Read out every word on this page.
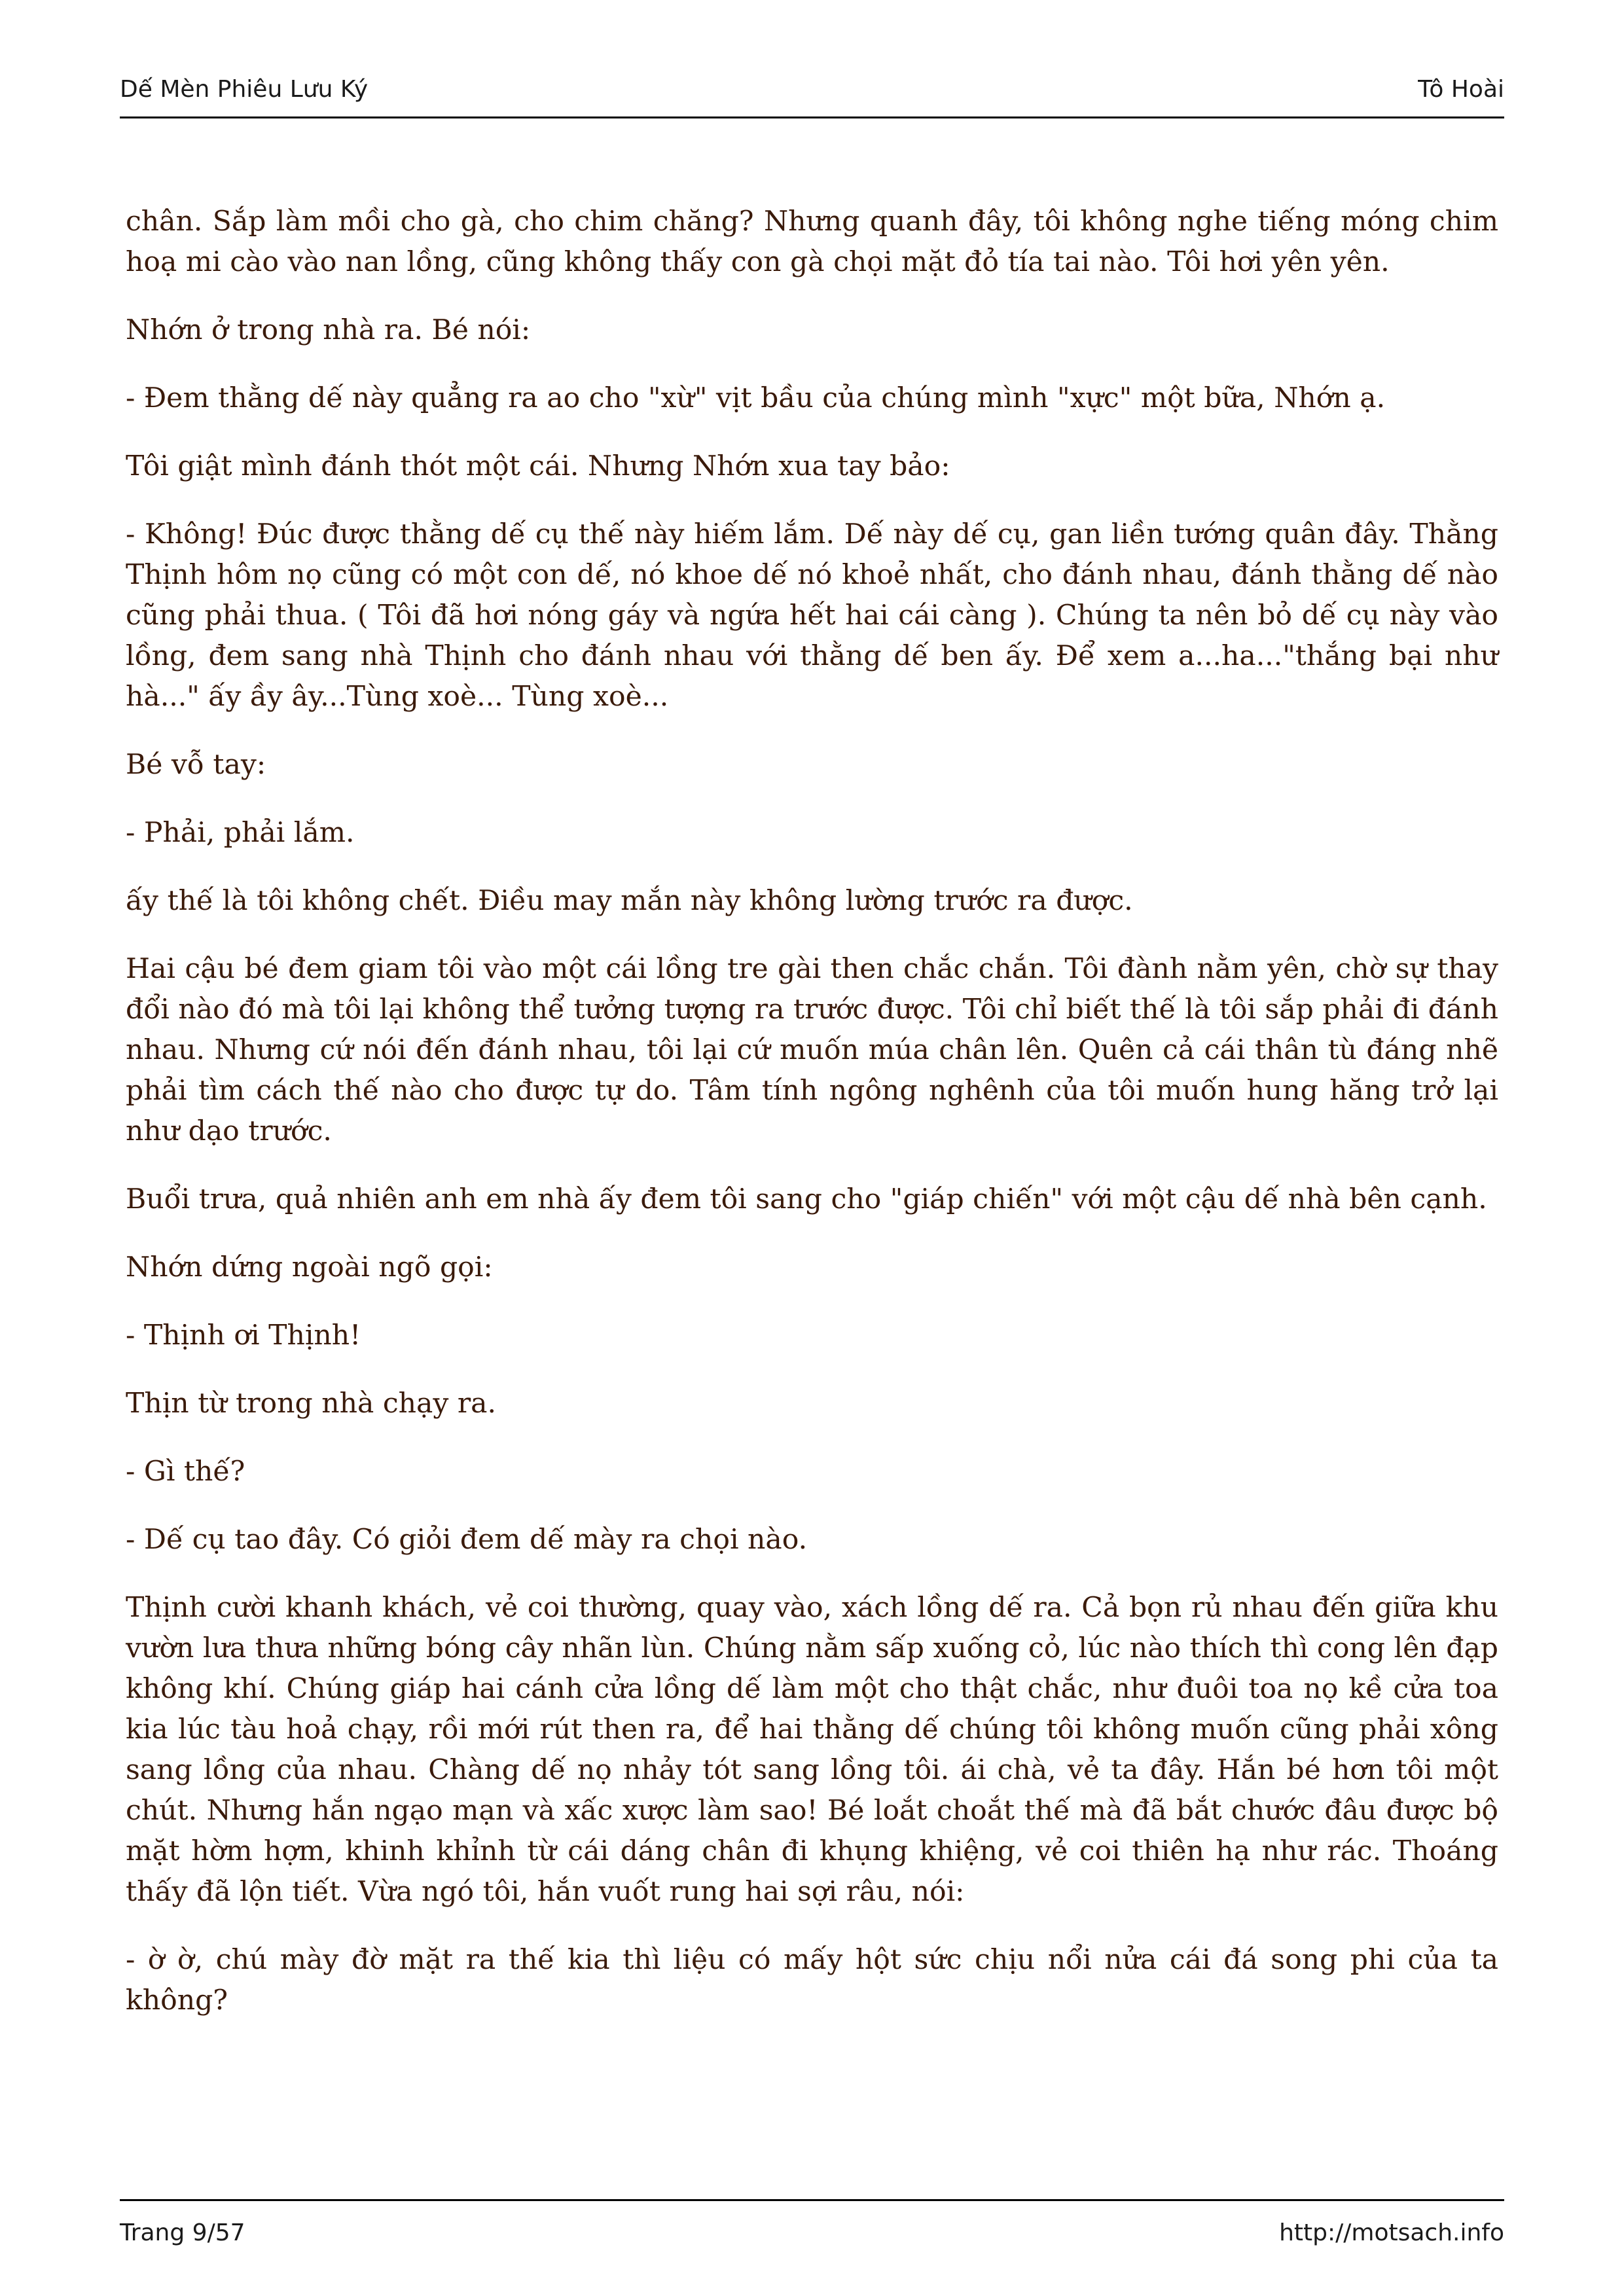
Dế Mèn Phiêu Lưu Ký	Tô Hoài

chân. Sắp làm mồi cho gà, cho chim chăng? Nhưng quanh đây, tôi không nghe tiếng móng chim hoạ mi cào vào nan lồng, cũng không thấy con gà chọi mặt đỏ tía tai nào. Tôi hơi yên yên.

Nhớn ở trong nhà ra. Bé nói:

- Đem thằng dế này quẳng ra ao cho "xừ" vịt bầu của chúng mình "xực" một bữa, Nhớn ạ.

Tôi giật mình đánh thót một cái. Nhưng Nhớn xua tay bảo:

- Không! Đúc được thằng dế cụ thế này hiếm lắm. Dế này dế cụ, gan liền tướng quân đây. Thằng Thịnh hôm nọ cũng có một con dế, nó khoe dế nó khoẻ nhất, cho đánh nhau, đánh thằng dế nào cũng phải thua. ( Tôi đã hơi nóng gáy và ngứa hết hai cái càng ). Chúng ta nên bỏ dế cụ này vào lồng, đem sang nhà Thịnh cho đánh nhau với thằng dế ben ấy. Để xem a...ha..."thắng bại như hà..." ấy ầy ây...Tùng xoè... Tùng xoè...

Bé vỗ tay:

- Phải, phải lắm.

ấy thế là tôi không chết. Điều may mắn này không lường trước ra được.

Hai cậu bé đem giam tôi vào một cái lồng tre gài then chắc chắn. Tôi đành nằm yên, chờ sự thay đổi nào đó mà tôi lại không thể tưởng tượng ra trước được. Tôi chỉ biết thế là tôi sắp phải đi đánh nhau. Nhưng cứ nói đến đánh nhau, tôi lại cứ muốn múa chân lên. Quên cả cái thân tù đáng nhẽ phải tìm cách thế nào cho được tự do. Tâm tính ngông nghênh của tôi muốn hung hăng trở lại như dạo trước.

Buổi trưa, quả nhiên anh em nhà ấy đem tôi sang cho "giáp chiến" với một cậu dế nhà bên cạnh.

Nhớn dứng ngoài ngõ gọi:

- Thịnh ơi Thịnh!

Thịn từ trong nhà chạy ra.

- Gì thế?

- Dế cụ tao đây. Có giỏi đem dế mày ra chọi nào.

Thịnh cười khanh khách, vẻ coi thường, quay vào, xách lồng dế ra. Cả bọn rủ nhau đến giữa khu vườn lưa thưa những bóng cây nhãn lùn. Chúng nằm sấp xuống cỏ, lúc nào thích thì cong lên đạp không khí. Chúng giáp hai cánh cửa lồng dế làm một cho thật chắc, như đuôi toa nọ kề cửa toa kia lúc tàu hoả chạy, rồi mới rút then ra, để hai thằng dế chúng tôi không muốn cũng phải xông sang lồng của nhau. Chàng dế nọ nhảy tót sang lồng tôi. ái chà, vẻ ta đây. Hắn bé hơn tôi một chút. Nhưng hắn ngạo mạn và xấc xược làm sao! Bé loắt choắt thế mà đã bắt chước đâu được bộ mặt hờm hợm, khinh khỉnh từ cái dáng chân đi khụng khiệng, vẻ coi thiên hạ như rác. Thoáng thấy đã lộn tiết. Vừa ngó tôi, hắn vuốt rung hai sợi râu, nói:

- ờ ờ, chú mày đờ mặt ra thế kia thì liệu có mấy hột sức chịu nổi nửa cái đá song phi của ta không?

Trang 9/57	http://motsach.info
